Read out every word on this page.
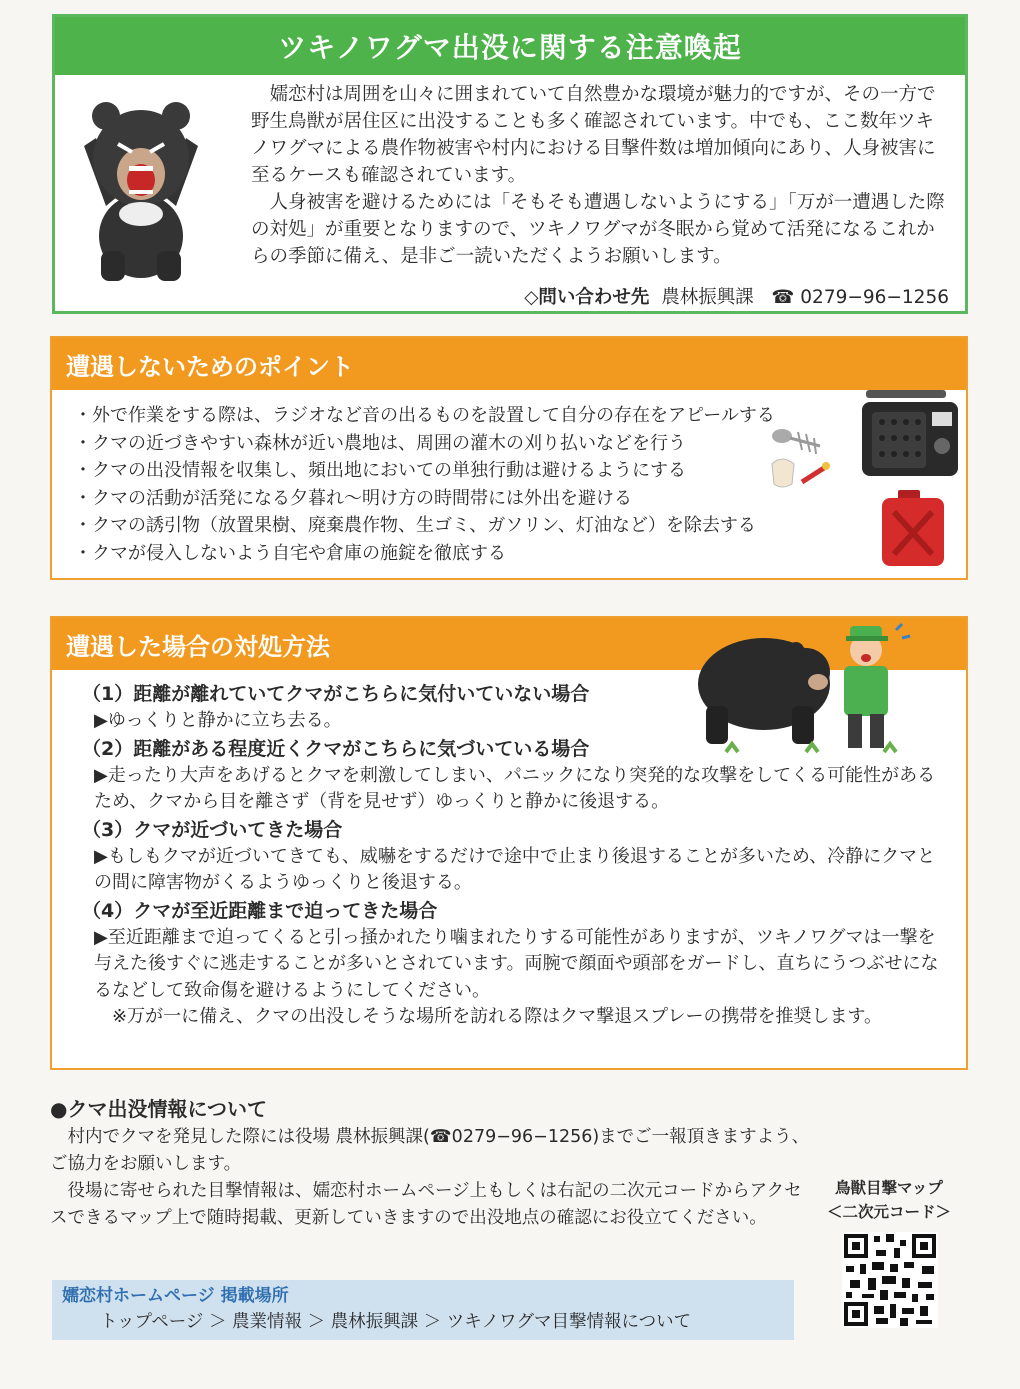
ツキノワグマ出没に関する注意喚起
嬬恋村は周囲を山々に囲まれていて自然豊かな環境が魅力的ですが、その一方で野生鳥獣が居住区に出没することも多く確認されています。中でも、ここ数年ツキノワグマによる農作物被害や村内における目撃件数は増加傾向にあり、人身被害に至るケースも確認されています。
人身被害を避けるためには「そもそも遭遇しないようにする」「万が一遭遇した際の対処」が重要となりますので、ツキノワグマが冬眠から覚めて活発になるこれからの季節に備え、是非ご一読いただくようお願いします。
◇問い合わせ先 農林振興課 ☎ 0279−96−1256
遭遇しないためのポイント
・外で作業をする際は、ラジオなど音の出るものを設置して自分の存在をアピールする
・クマの近づきやすい森林が近い農地は、周囲の灌木の刈り払いなどを行う
・クマの出没情報を収集し、頻出地においての単独行動は避けるようにする
・クマの活動が活発になる夕暮れ～明け方の時間帯には外出を避ける
・クマの誘引物（放置果樹、廃棄農作物、生ゴミ、ガソリン、灯油など）を除去する
・クマが侵入しないよう自宅や倉庫の施錠を徹底する
遭遇した場合の対処方法
（1）距離が離れていてクマがこちらに気付いていない場合
▶ゆっくりと静かに立ち去る。
（2）距離がある程度近くクマがこちらに気づいている場合
▶走ったり大声をあげるとクマを刺激してしまい、パニックになり突発的な攻撃をしてくる可能性があるため、クマから目を離さず（背を見せず）ゆっくりと静かに後退する。
（3）クマが近づいてきた場合
▶もしもクマが近づいてきても、威嚇をするだけで途中で止まり後退することが多いため、冷静にクマとの間に障害物がくるようゆっくりと後退する。
（4）クマが至近距離まで迫ってきた場合
▶至近距離まで迫ってくると引っ掻かれたり噛まれたりする可能性がありますが、ツキノワグマは一撃を与えた後すぐに逃走することが多いとされています。両腕で顔面や頭部をガードし、直ちにうつぶせになるなどして致命傷を避けるようにしてください。
※万が一に備え、クマの出没しそうな場所を訪れる際はクマ撃退スプレーの携帯を推奨します。
●クマ出没情報について

村内でクマを発見した際には役場 農林振興課(☎0279−96−1256)までご一報頂きますよう、ご協力をお願いします。

役場に寄せられた目撃情報は、嬬恋村ホームページ上もしくは右記の二次元コードからアクセスできるマップ上で随時掲載、更新していきますので出没地点の確認にお役立てください。

嬬恋村ホームページ 掲載場所
トップページ ＞ 農業情報 ＞ 農林振興課 ＞ ツキノワグマ目撃情報について
鳥獣目撃マップ
＜二次元コード＞
